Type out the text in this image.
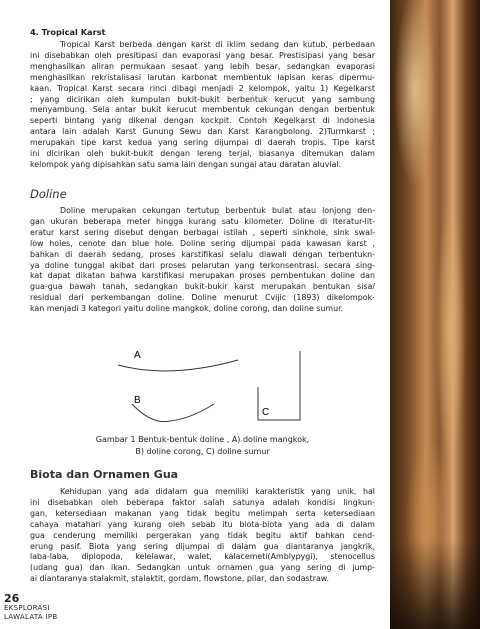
4. Tropical Karst
Tropical Karst berbeda dengan karst di iklim sedang dan kutub, perbedaan
ini disebabkan oleh presitipasi dan evaporasi yang besar. Prestisipasi yang besar
menghasilkan aliran permukaan sesaat yang lebih besar, sedangkan evaporasi
menghasilkan rekristalisasi larutan karbonat membentuk lapisan keras dipermu-
kaan. Tropical Karst secara rinci dibagi menjadi 2 kelompok, yaitu 1) Kegelkarst
; yang dicirikan oleh kumpulan bukit-bukit berbentuk kerucut yang sambung
menyambung. Sela antar bukit kerucut membentuk cekungan dengan berbentuk
seperti bintang yang dikenal dengan kockpit. Contoh Kegelkarst di indonesia
antara lain adalah Karst Gunung Sewu dan Karst Karangbolong. 2)Turmkarst ;
merupakan tipe karst kedua yang sering dijumpai di daerah tropis. Tipe karst
ini dicirikan oleh bukit-bukit dengan lereng terjal, biasanya ditemukan dalam
kelompok yang dipisahkan satu sama lain dengan sungai atau daratan aluvial.
Doline
Doline merupakan cekungan tertutup berbentuk bulat atau lonjong den-
gan ukuran beberapa meter hingga kurang satu kilometer. Doline di lteratur-lit-
eratur karst sering disebut dengan berbagai istilah , seperti sinkhole, sink swal-
low holes, cenote dan blue hole. Doline sering dijumpai pada kawasan karst ,
bahkan di daerah sedang, proses karstifikasi selalu diawali dengan terbentukn-
ya doline tunggal akibat dari proses pelarutan yang terkonsentrasi. secara sing-
kat dapat dikatan bahwa karstifikasi merupakan proses pembentukan doline dan
gua-gua bawah tanah, sedangkan bukit-bukir karst merupakan bentukan sisa/
residual dari perkembangan doline. Doline menurut Cvijic (1893) dikelompok-
kan menjadi 3 kategori yaitu doline mangkok, doline corong, dan doline sumur.
A
B
C
Gambar 1 Bentuk-bentuk doline , A) doline mangkok,
B) doline corong, C) doline sumur
Biota dan Ornamen Gua
Kehidupan yang ada didalam gua memiliki karakteristik yang unik, hal
ini disebabkan oleh beberapa faktor salah satunya adalah kondisi lingkun-
gan, ketersediaan makanan yang tidak begitu melimpah serta ketersediaan
cahaya matahari yang kurang oleh sebab itu biota-biota yang ada di dalam
gua cenderung memiliki pergerakan yang tidak begitu aktif bahkan cend-
erung pasif. Biota yang sering dijumpai di dalam gua diantaranya jangkrik,
laba-laba, diplopoda, kelelawar, walet, kalacemeti(Amblypygi), stenocellus
(udang gua) dan ikan. Sedangkan untuk ornamen gua yang sering di jump-
ai diantaranya stalakmit, stalaktit, gordam, flowstone, pilar, dan sodastraw.
26
EKSPLORASI
LAWALATA IPB
